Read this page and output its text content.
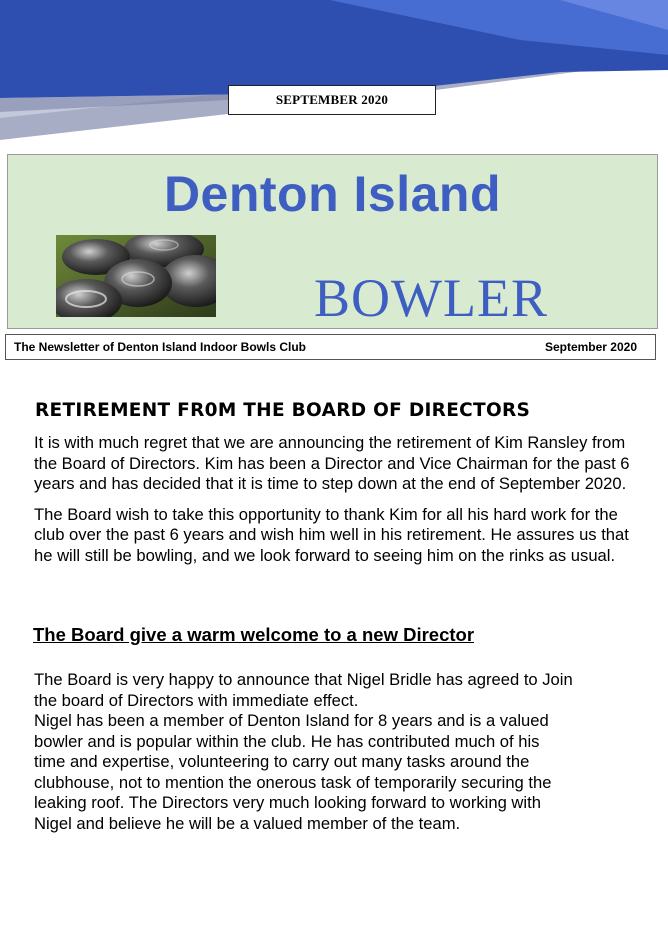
SEPTEMBER 2020
Denton Island
BOWLER
The Newsletter of Denton Island Indoor Bowls Club	September 2020
RETIREMENT FR0M THE BOARD OF DIRECTORS

It is with much regret that we are announcing the retirement of Kim Ransley from the Board of Directors. Kim has been a Director and Vice Chairman for the past 6 years and has decided that it is time to step down at the end of September 2020.

The Board wish to take this opportunity to thank Kim for all his hard work for the club over the past 6 years and wish him well in his retirement. He assures us that he will still be bowling, and we look forward to seeing him on the rinks as usual.

The Board give a warm welcome to a new Director

The Board is very happy to announce that Nigel Bridle has agreed to Join the board of Directors with immediate effect.

Nigel has been a member of Denton Island for 8 years and is a valued bowler and is popular within the club. He has contributed much of his time and expertise, volunteering to carry out many tasks around the clubhouse, not to mention the onerous task of temporarily securing the leaking roof. The Directors very much looking forward to working with Nigel and believe he will be a valued member of the team.
